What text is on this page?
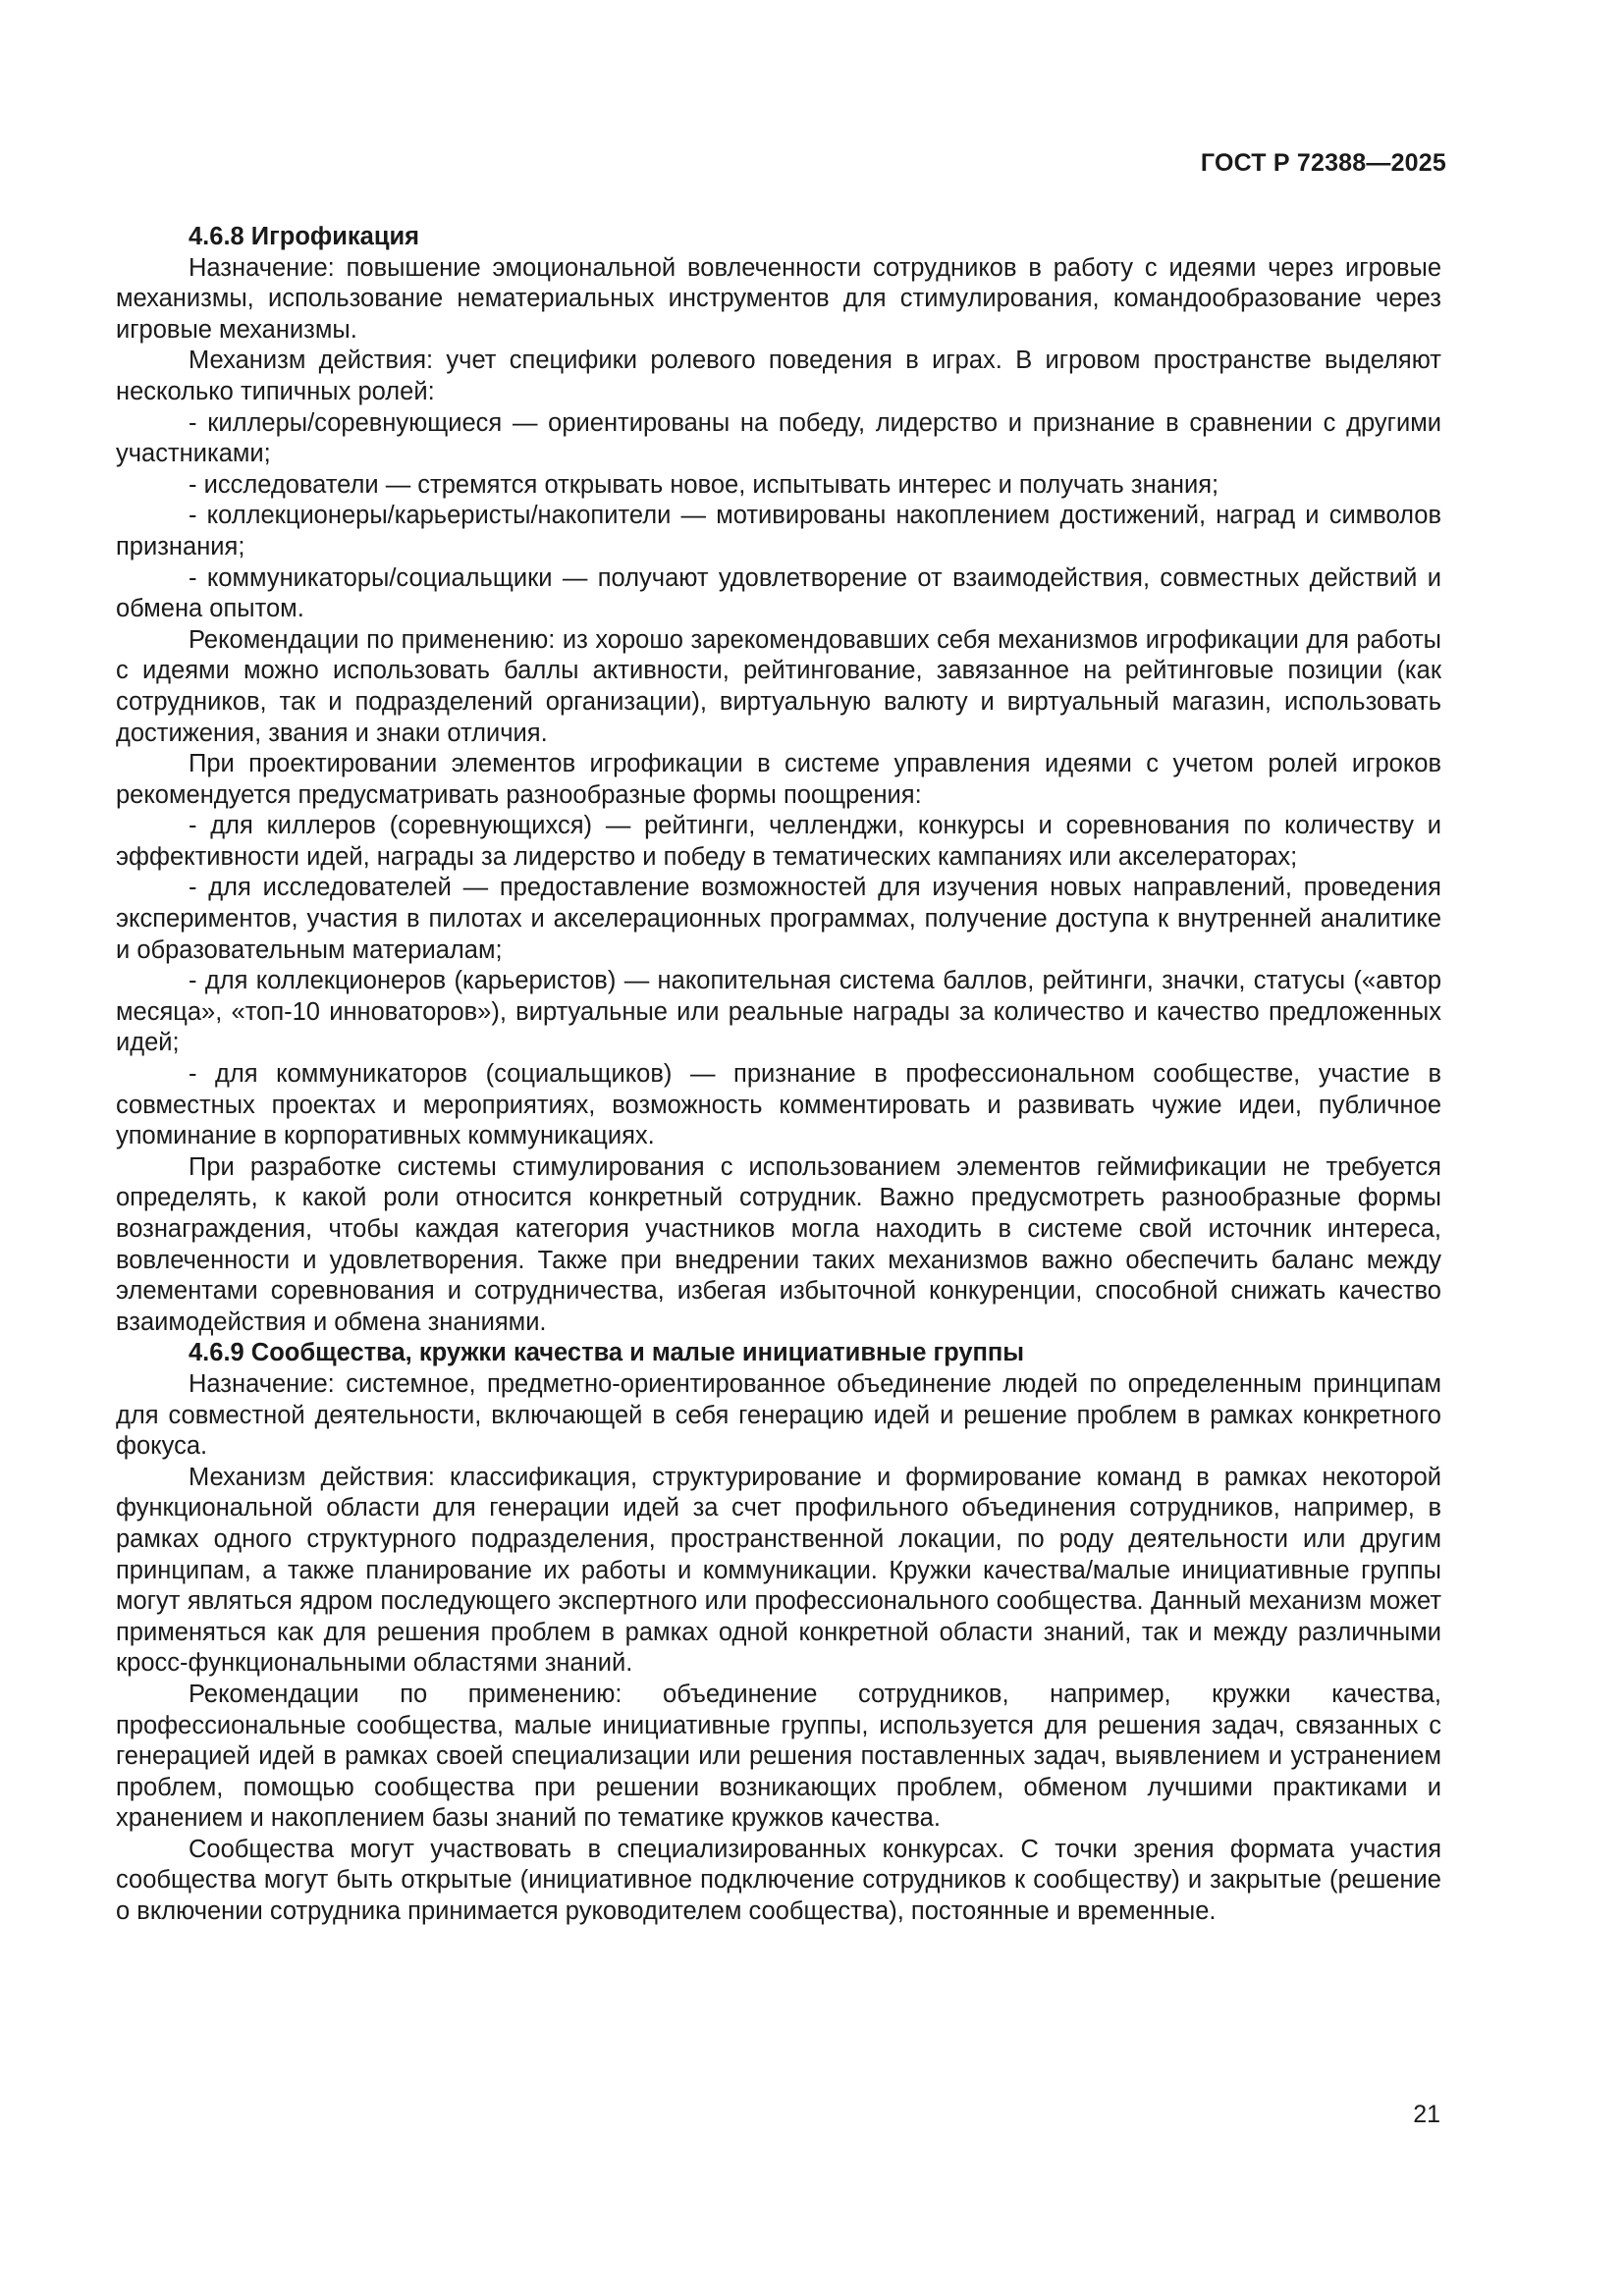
ГОСТ Р 72388—2025

4.6.8 Игрофикация

Назначение: повышение эмоциональной вовлеченности сотрудников в работу с идеями через игровые механизмы, использование нематериальных инструментов для стимулирования, командообразование через игровые механизмы.

Механизм действия: учет специфики ролевого поведения в играх. В игровом пространстве выделяют несколько типичных ролей:

- киллеры/соревнующиеся — ориентированы на победу, лидерство и признание в сравнении с другими участниками;

- исследователи — стремятся открывать новое, испытывать интерес и получать знания;

- коллекционеры/карьеристы/накопители — мотивированы накоплением достижений, наград и символов признания;

- коммуникаторы/социальщики — получают удовлетворение от взаимодействия, совместных действий и обмена опытом.

Рекомендации по применению: из хорошо зарекомендовавших себя механизмов игрофикации для работы с идеями можно использовать баллы активности, рейтингование, завязанное на рейтинговые позиции (как сотрудников, так и подразделений организации), виртуальную валюту и виртуальный магазин, использовать достижения, звания и знаки отличия.

При проектировании элементов игрофикации в системе управления идеями с учетом ролей игроков рекомендуется предусматривать разнообразные формы поощрения:

- для киллеров (соревнующихся) — рейтинги, челленджи, конкурсы и соревнования по количеству и эффективности идей, награды за лидерство и победу в тематических кампаниях или акселераторах;

- для исследователей — предоставление возможностей для изучения новых направлений, проведения экспериментов, участия в пилотах и акселерационных программах, получение доступа к внутренней аналитике и образовательным материалам;

- для коллекционеров (карьеристов) — накопительная система баллов, рейтинги, значки, статусы («автор месяца», «топ-10 инноваторов»), виртуальные или реальные награды за количество и качество предложенных идей;

- для коммуникаторов (социальщиков) — признание в профессиональном сообществе, участие в совместных проектах и мероприятиях, возможность комментировать и развивать чужие идеи, публичное упоминание в корпоративных коммуникациях.

При разработке системы стимулирования с использованием элементов геймификации не требуется определять, к какой роли относится конкретный сотрудник. Важно предусмотреть разнообразные формы вознаграждения, чтобы каждая категория участников могла находить в системе свой источник интереса, вовлеченности и удовлетворения. Также при внедрении таких механизмов важно обеспечить баланс между элементами соревнования и сотрудничества, избегая избыточной конкуренции, способной снижать качество взаимодействия и обмена знаниями.

4.6.9 Сообщества, кружки качества и малые инициативные группы

Назначение: системное, предметно-ориентированное объединение людей по определенным принципам для совместной деятельности, включающей в себя генерацию идей и решение проблем в рамках конкретного фокуса.

Механизм действия: классификация, структурирование и формирование команд в рамках некоторой функциональной области для генерации идей за счет профильного объединения сотрудников, например, в рамках одного структурного подразделения, пространственной локации, по роду деятельности или другим принципам, а также планирование их работы и коммуникации. Кружки качества/малые инициативные группы могут являться ядром последующего экспертного или профессионального сообщества. Данный механизм может применяться как для решения проблем в рамках одной конкретной области знаний, так и между различными кросс-функциональными областями знаний.

Рекомендации по применению: объединение сотрудников, например, кружки качества, профессиональные сообщества, малые инициативные группы, используется для решения задач, связанных с генерацией идей в рамках своей специализации или решения поставленных задач, выявлением и устранением проблем, помощью сообщества при решении возникающих проблем, обменом лучшими практиками и хранением и накоплением базы знаний по тематике кружков качества.

Сообщества могут участвовать в специализированных конкурсах. С точки зрения формата участия сообщества могут быть открытые (инициативное подключение сотрудников к сообществу) и закрытые (решение о включении сотрудника принимается руководителем сообщества), постоянные и временные.

21
